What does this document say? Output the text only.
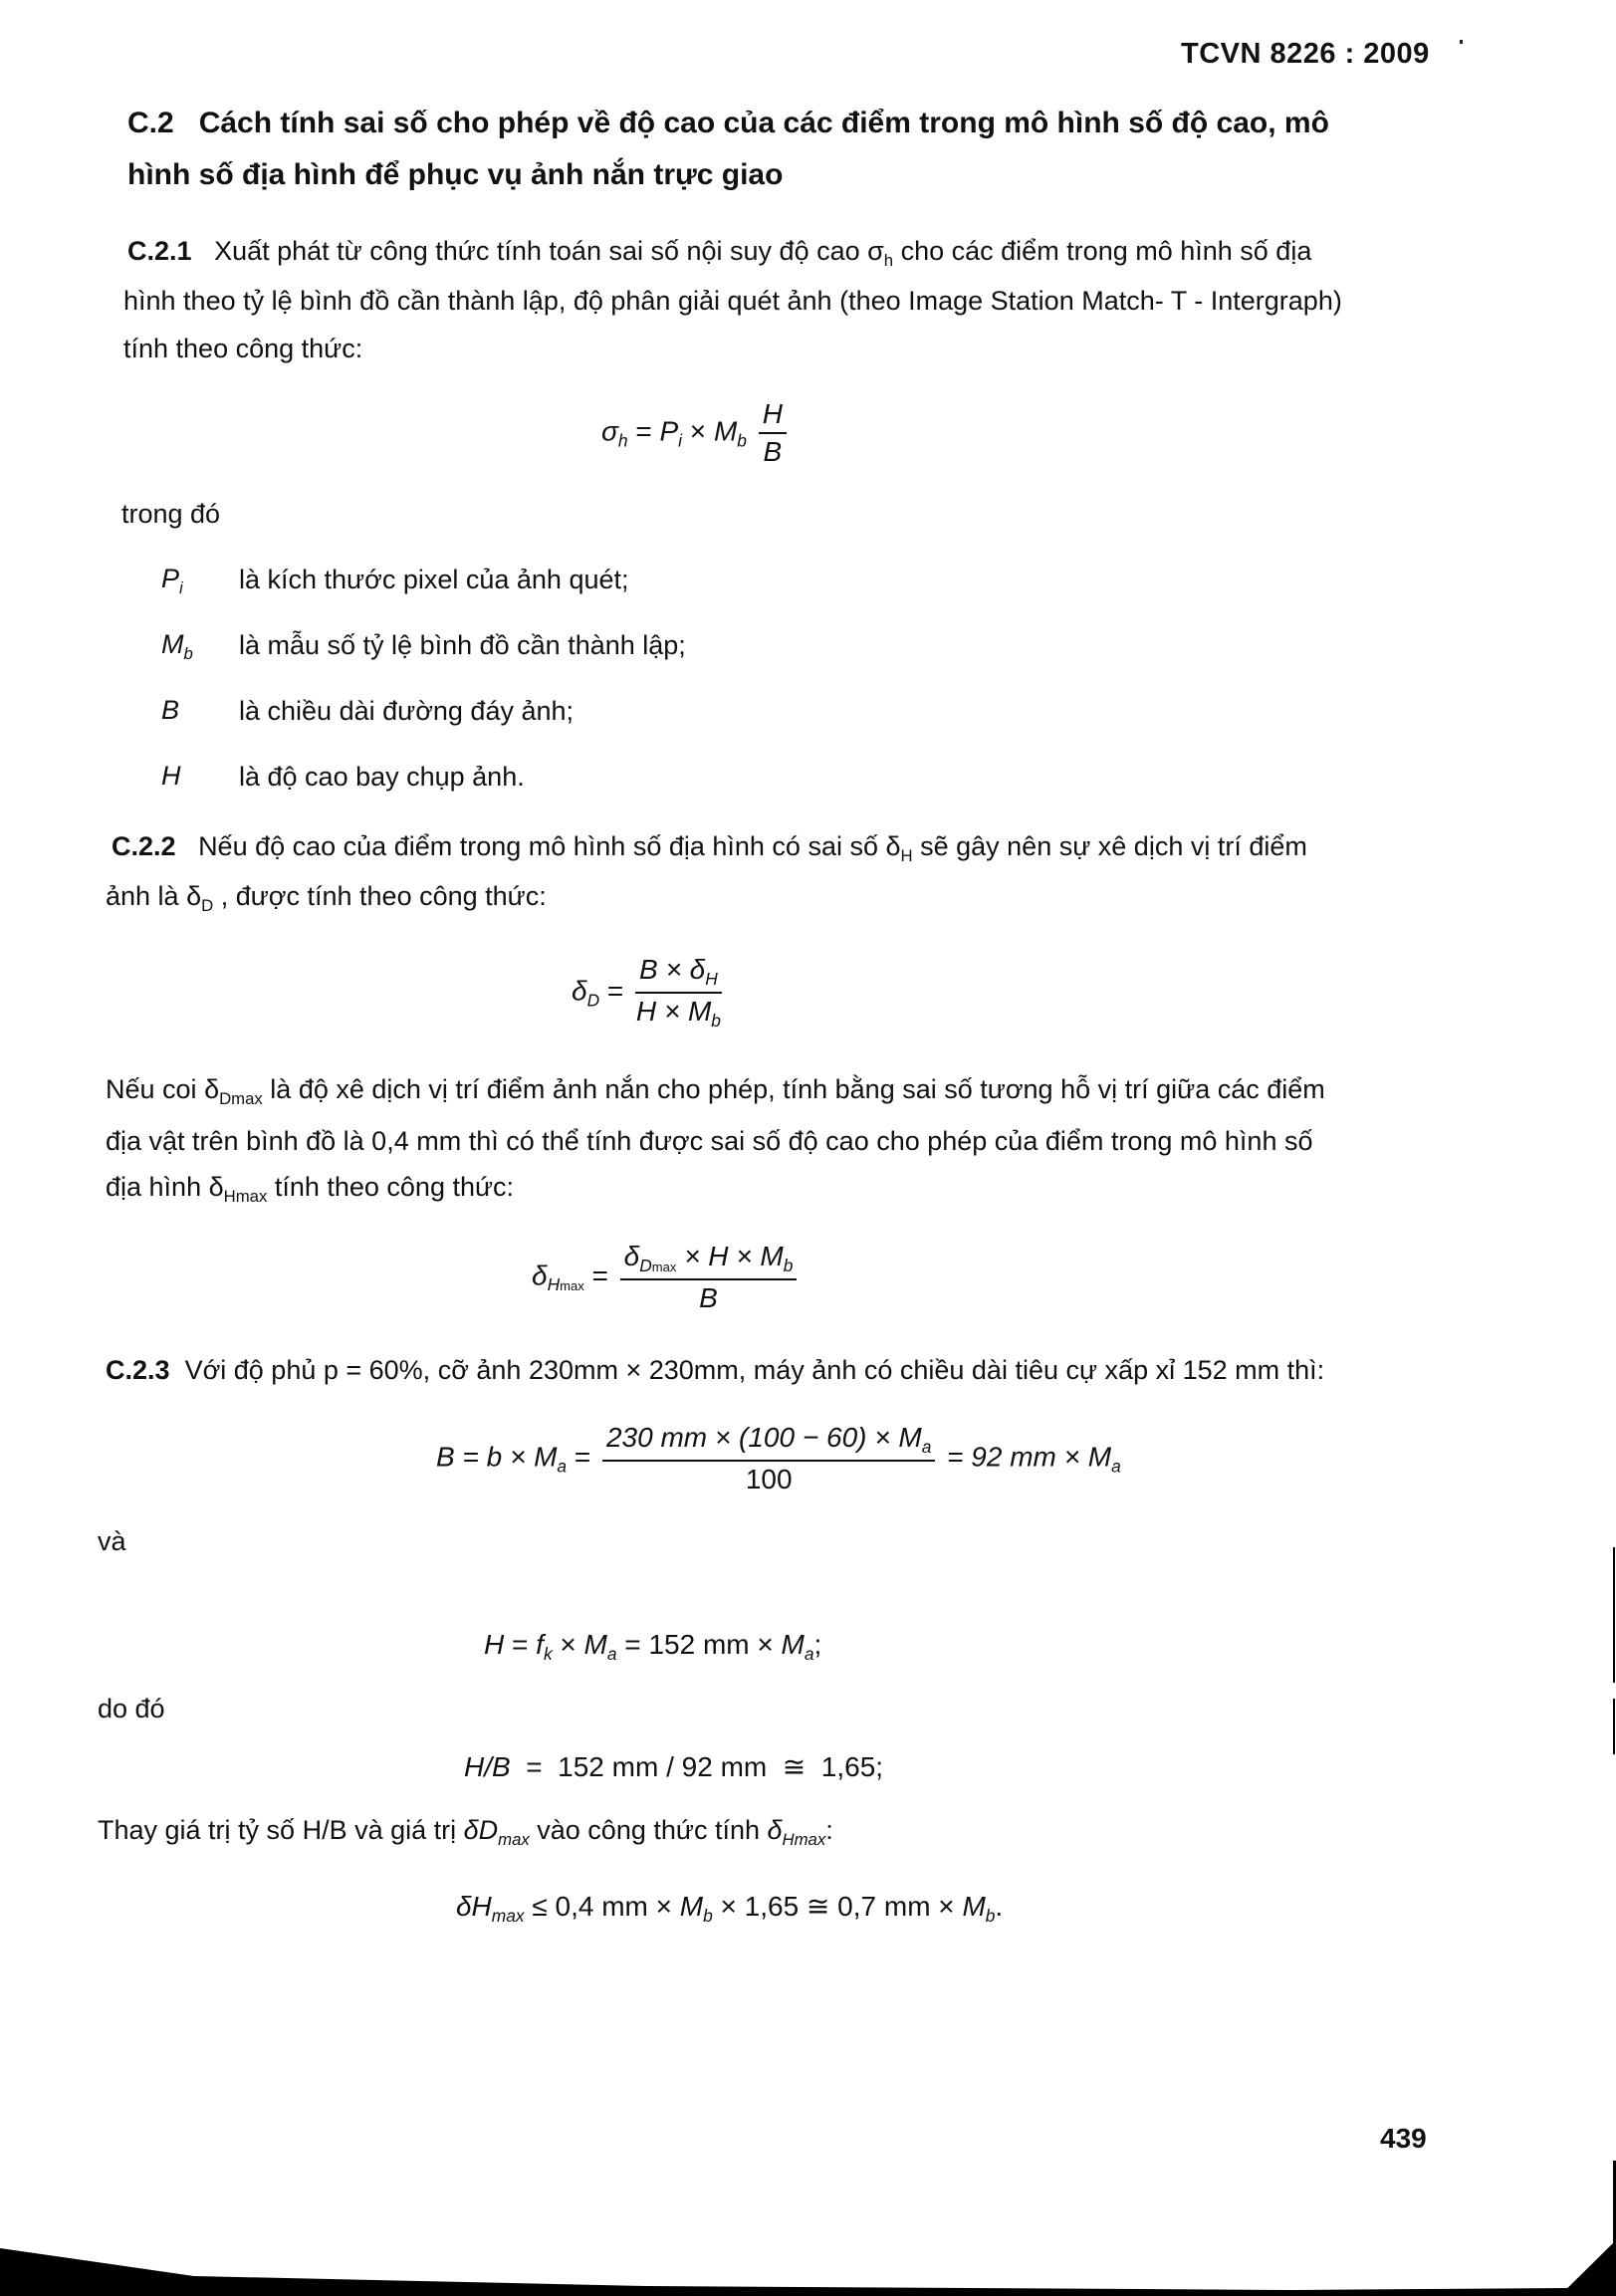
TCVN 8226 : 2009
C.2 Cách tính sai số cho phép về độ cao của các điểm trong mô hình số độ cao, mô
hình số địa hình để phục vụ ảnh nắn trực giao
C.2.1 Xuất phát từ công thức tính toán sai số nội suy độ cao $\sigma_h$ cho các điểm trong mô hình số địa
hình theo tỷ lệ bình đồ cần thành lập, độ phân giải quét ảnh (theo Image Station Match- T - Intergraph)
tính theo công thức:
$\sigma_h = P_i \times M_b \frac{H}{B}$
trong đó
$P_i$ là kích thước pixel của ảnh quét;
$M_b$ là mẫu số tỷ lệ bình đồ cần thành lập;
B là chiều dài đường đáy ảnh;
H là độ cao bay chụp ảnh.
C.2.2 Nếu độ cao của điểm trong mô hình số địa hình có sai số $\delta_H$ sẽ gây nên sự xê dịch vị trí điểm
ảnh là $\delta_D$ , được tính theo công thức:
$\delta_D = \frac{B \times \delta_H}{H \times M_b}$
Nếu coi $\delta_{Dmax}$ là độ xê dịch vị trí điểm ảnh nắn cho phép, tính bằng sai số tương hỗ vị trí giữa các điểm
địa vật trên bình đồ là 0,4 mm thì có thể tính được sai số độ cao cho phép của điểm trong mô hình số
địa hình $\delta_{Hmax}$ tính theo công thức:
$\delta_{Hmax} = \frac{\delta_{Dmax} \times H \times M_b}{B}$
C.2.3 Với độ phủ p = 60%, cỡ ảnh 230mm × 230mm, máy ảnh có chiều dài tiêu cự xấp xỉ 152 mm thì:
$B = b \times M_a = \frac{230 mm \times (100 - 60) \times M_a}{100} = 92$ mm × $M_a$
và
$H = f_k \times M_a = 152$ mm × $M_a$;
do đó
H/B  =  152 mm / 92 mm  ≅  1,65;
Thay giá trị tỷ số H/B và giá trị $\delta D_{max}$ vào công thức tính $\delta_{Hmax}$:
$\delta H_{max} \le 0,4$ mm × $M_b \times 1,65$ ≅ 0,7 mm × $M_b$.
439
